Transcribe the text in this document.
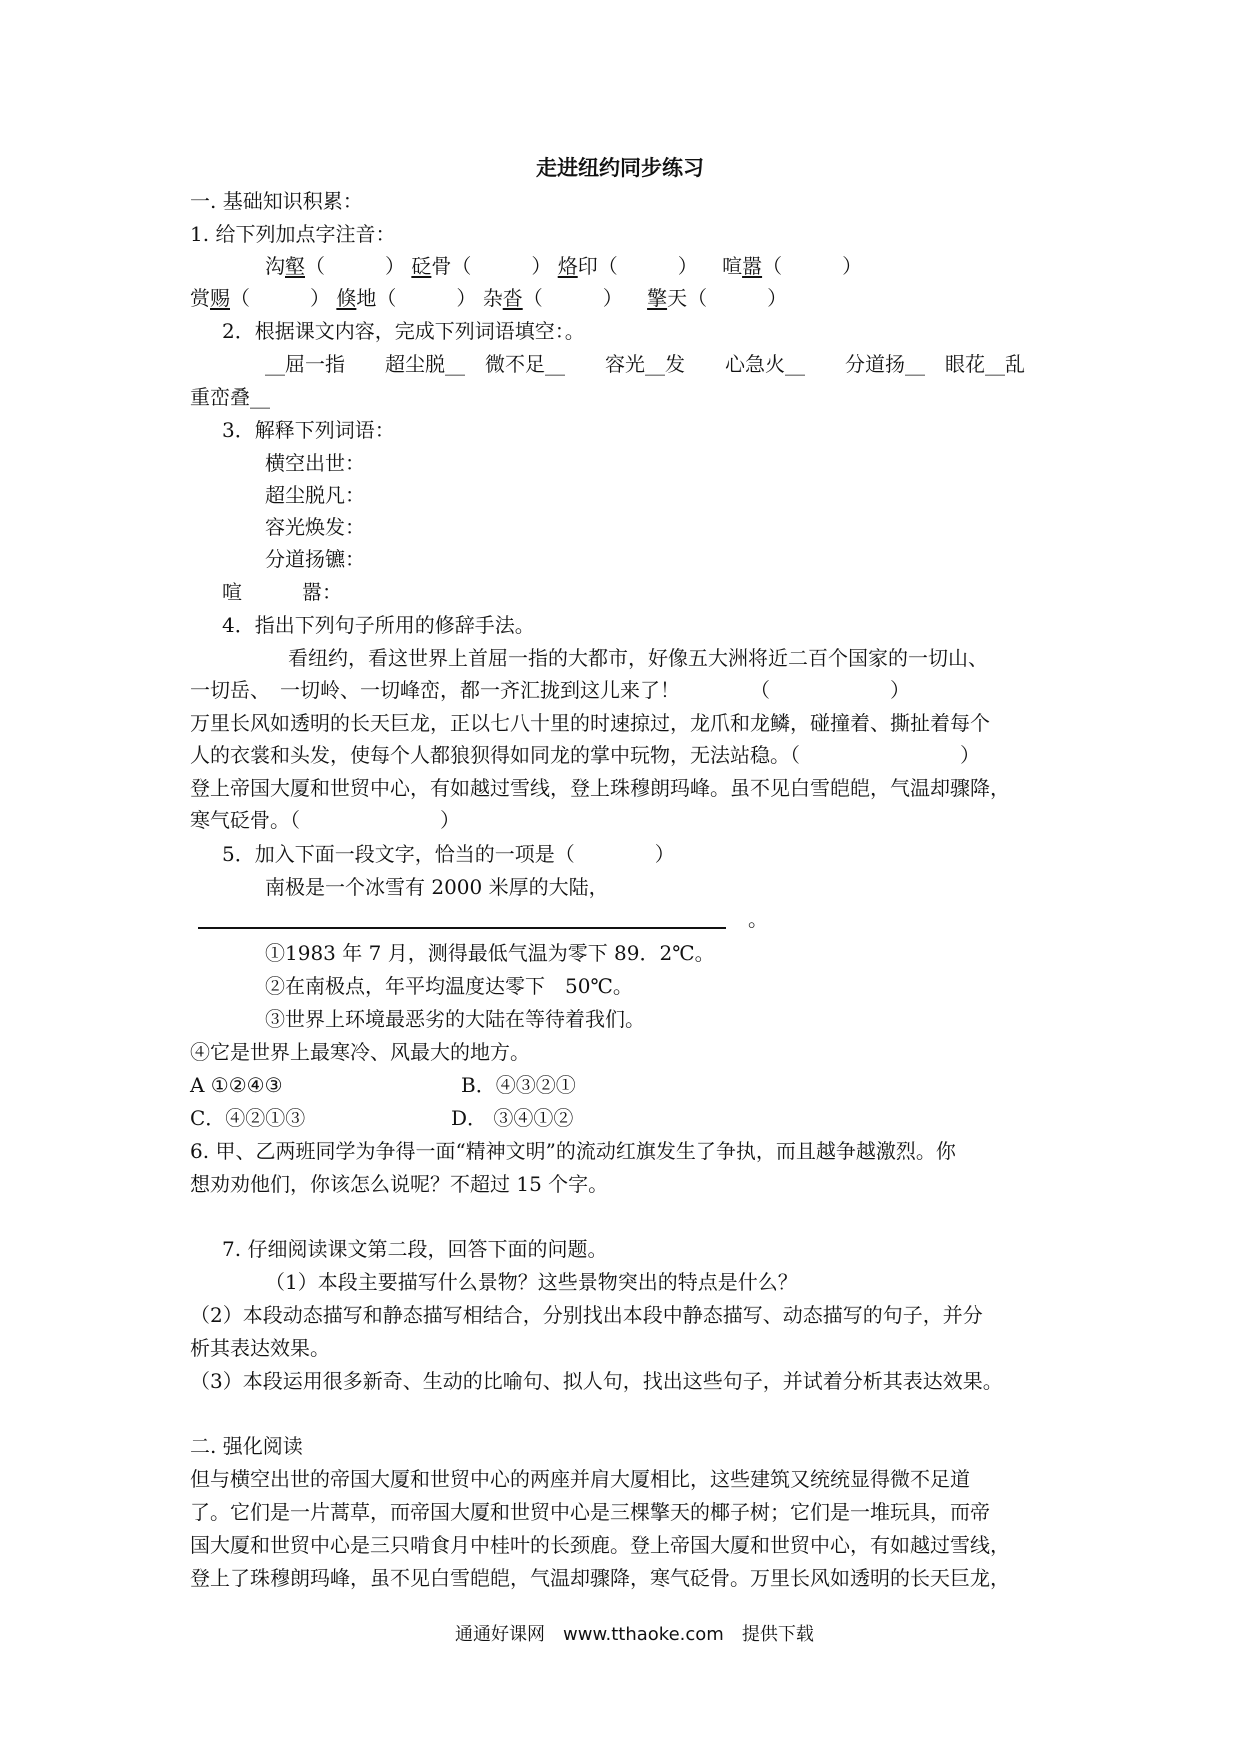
走进纽约同步练习
一. 基础知识积累：
1. 给下列加点字注音：
沟壑（　　　） 砭骨（　　　） 烙印（　　　） 喧嚣（　　　）
赏赐（　　　） 倏地（　　　） 杂沓（　　　） 擎天（　　　）
2．根据课文内容，完成下列词语填空：。
__屈一指　　超尘脱__　微不足__　　容光__发　　心急火__　　分道扬__　眼花__乱
重峦叠__
3．解释下列词语：
横空出世：
超尘脱凡：
容光焕发：
分道扬镳：
喧　　　嚣：
4．指出下列句子所用的修辞手法。
看纽约，看这世界上首屈一指的大都市，好像五大洲将近二百个国家的一切山、
一切岳、　一切岭、一切峰峦，都一齐汇拢到这儿来了！　　　　（　　　　　　）
万里长风如透明的长天巨龙，正以七八十里的时速掠过，龙爪和龙鳞，碰撞着、撕扯着每个
人的衣裳和头发，使每个人都狼狈得如同龙的掌中玩物，无法站稳。（　　　　　　　　）
登上帝国大厦和世贸中心，有如越过雪线，登上珠穆朗玛峰。虽不见白雪皑皑，气温却骤降，
寒气砭骨。（　　　　　　　）
5．加入下面一段文字，恰当的一项是（　　　　）
南极是一个冰雪有 2000 米厚的大陆，
。
①1983 年 7 月，测得最低气温为零下 89．2℃。
②在南极点，年平均温度达零下　50℃。
③世界上环境最恶劣的大陆在等待着我们。
④它是世界上最寒冷、风最大的地方。
A ①②④③	B．④③②①
C．④②①③	D． ③④①②
6. 甲、乙两班同学为争得一面“精神文明”的流动红旗发生了争执，而且越争越激烈。你
想劝劝他们，你该怎么说呢？不超过 15 个字。
7. 仔细阅读课文第二段，回答下面的问题。
（1）本段主要描写什么景物？这些景物突出的特点是什么？
（2）本段动态描写和静态描写相结合，分别找出本段中静态描写、动态描写的句子，并分
析其表达效果。
（3）本段运用很多新奇、生动的比喻句、拟人句，找出这些句子，并试着分析其表达效果。
二. 强化阅读
但与横空出世的帝国大厦和世贸中心的两座并肩大厦相比，这些建筑又统统显得微不足道
了。它们是一片蒿草，而帝国大厦和世贸中心是三棵擎天的椰子树；它们是一堆玩具，而帝
国大厦和世贸中心是三只啃食月中桂叶的长颈鹿。登上帝国大厦和世贸中心，有如越过雪线，
登上了珠穆朗玛峰，虽不见白雪皑皑，气温却骤降，寒气砭骨。万里长风如透明的长天巨龙，
通通好课网　www.tthaoke.com　提供下载
